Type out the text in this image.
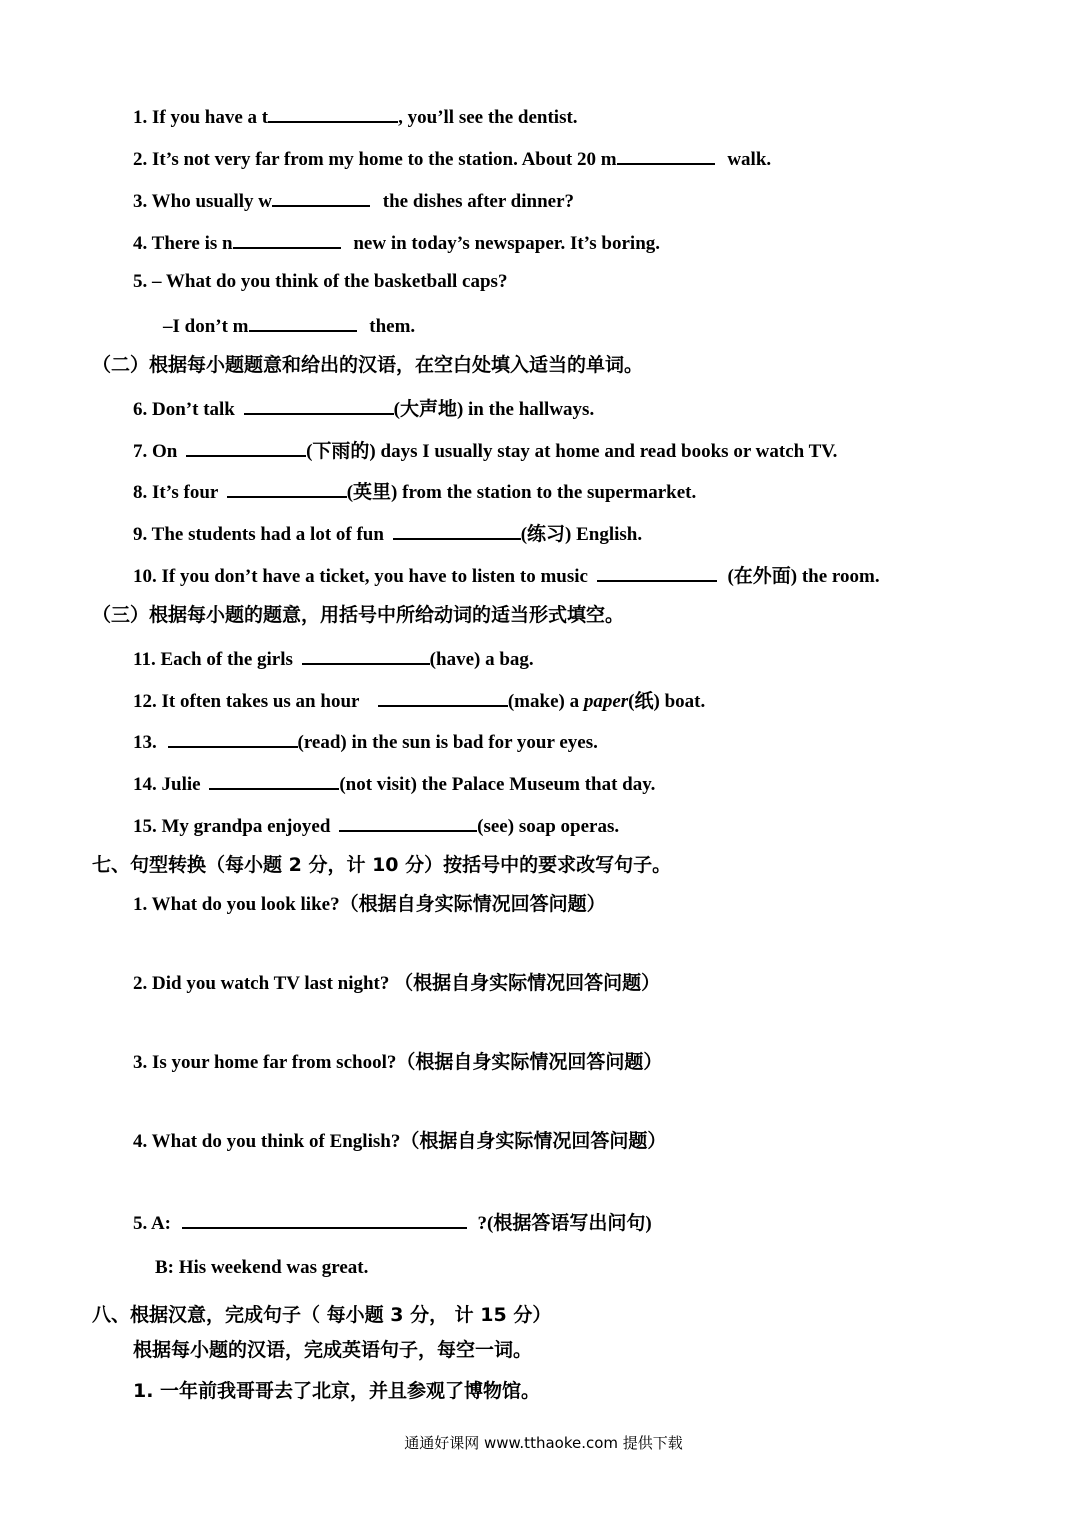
1. If you have a t	, you’ll see the dentist.
2. It’s not very far from my home to the station. About 20 m	walk.
3. Who usually w	the dishes after dinner?
4. There is n	new in today’s newspaper. It’s boring.
5. – What do you think of the basketball caps?
–I don’t m	them.
（二）根据每小题题意和给出的汉语，在空白处填入适当的单词。
6. Don’t talk	(大声地) in the hallways.
7. On	(下雨的) days I usually stay at home and read books or watch TV.
8. It’s four	(英里) from the station to the supermarket.
9. The students had a lot of fun	(练习) English.
10. If you don’t have a ticket, you have to listen to music	(在外面) the room.
（三）根据每小题的题意，用括号中所给动词的适当形式填空。
11. Each of the girls	(have) a bag.
12. It often takes us an hour	(make) a paper(纸) boat.
13.	(read) in the sun is bad for your eyes.
14. Julie	(not visit) the Palace Museum that day.
15. My grandpa enjoyed	(see) soap operas.
七、句型转换（每小题 2 分，计 10 分）按括号中的要求改写句子。
1. What do you look like?（根据自身实际情况回答问题）
2. Did you watch TV last night? （根据自身实际情况回答问题）
3. Is your home far from school?（根据自身实际情况回答问题）
4. What do you think of English?（根据自身实际情况回答问题）
5. A:	?(根据答语写出问句)
B: His weekend was great.
八、根据汉意，完成句子（ 每小题 3 分， 计 15 分）
根据每小题的汉语，完成英语句子，每空一词。
1. 一年前我哥哥去了北京，并且参观了博物馆。
通通好课网 www.tthaoke.com 提供下载
